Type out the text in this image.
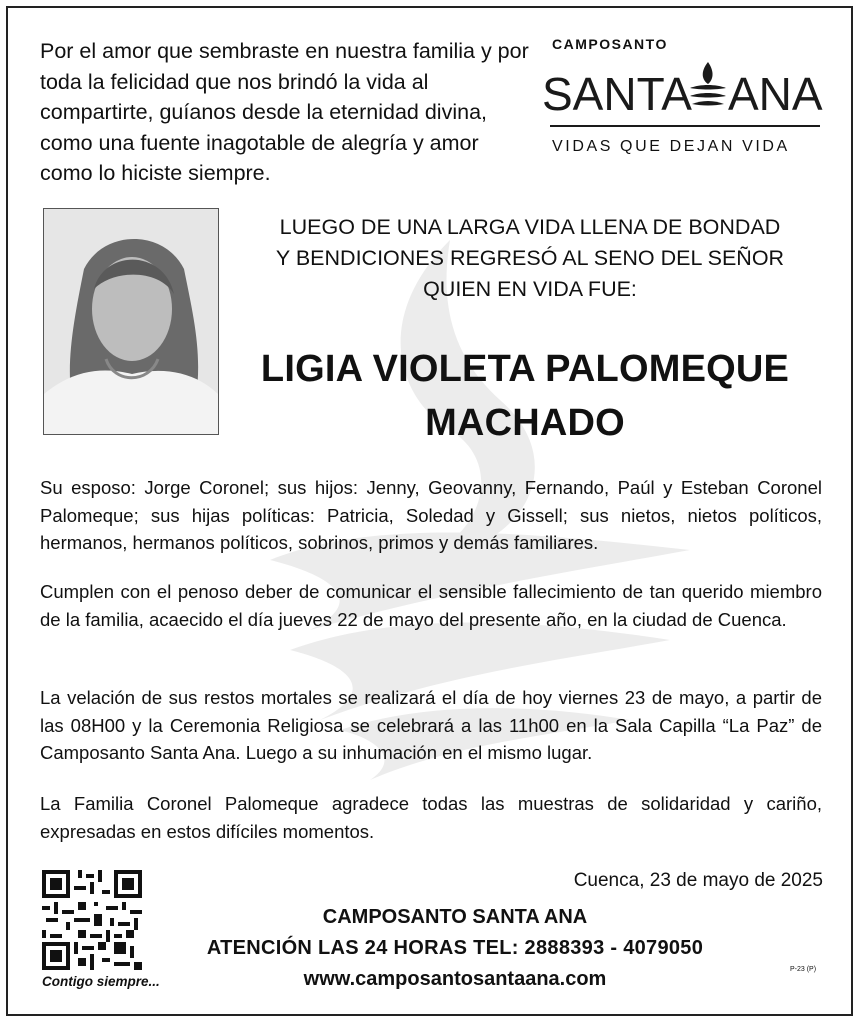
Por el amor que sembraste en nuestra familia y por toda la felicidad que nos brindó la vida al compartirte, guíanos desde la eternidad divina, como una fuente inagotable de alegría y amor como lo hiciste siempre.
CAMPOSANTO
SANTA ANA
VIDAS QUE DEJAN VIDA
LUEGO DE UNA LARGA VIDA LLENA DE BONDAD
Y BENDICIONES REGRESÓ AL SENO DEL SEÑOR
QUIEN EN VIDA FUE:
LIGIA VIOLETA PALOMEQUE
MACHADO
Su esposo: Jorge Coronel; sus hijos: Jenny, Geovanny, Fernando, Paúl y Esteban Coronel Palomeque; sus hijas políticas: Patricia, Soledad y Gissell; sus nietos, nietos políticos, hermanos, hermanos políticos, sobrinos, primos y demás familiares.
Cumplen con el penoso deber de comunicar el sensible fallecimiento de tan querido miembro de la familia, acaecido el día jueves 22 de mayo del presente año, en la ciudad de Cuenca.
La velación de sus restos mortales se realizará el día de hoy viernes 23 de mayo, a partir de las 08H00 y la Ceremonia Religiosa se celebrará a las 11h00 en la Sala Capilla “La Paz” de Camposanto Santa Ana. Luego a su inhumación en el mismo lugar.
La Familia Coronel Palomeque agradece todas las muestras de solidaridad y cariño, expresadas en estos difíciles momentos.
Contigo siempre...
Cuenca, 23 de mayo de 2025
CAMPOSANTO SANTA ANA
ATENCIÓN LAS 24 HORAS TEL: 2888393 - 4079050
www.camposantosantaana.com	P-23 (P)
